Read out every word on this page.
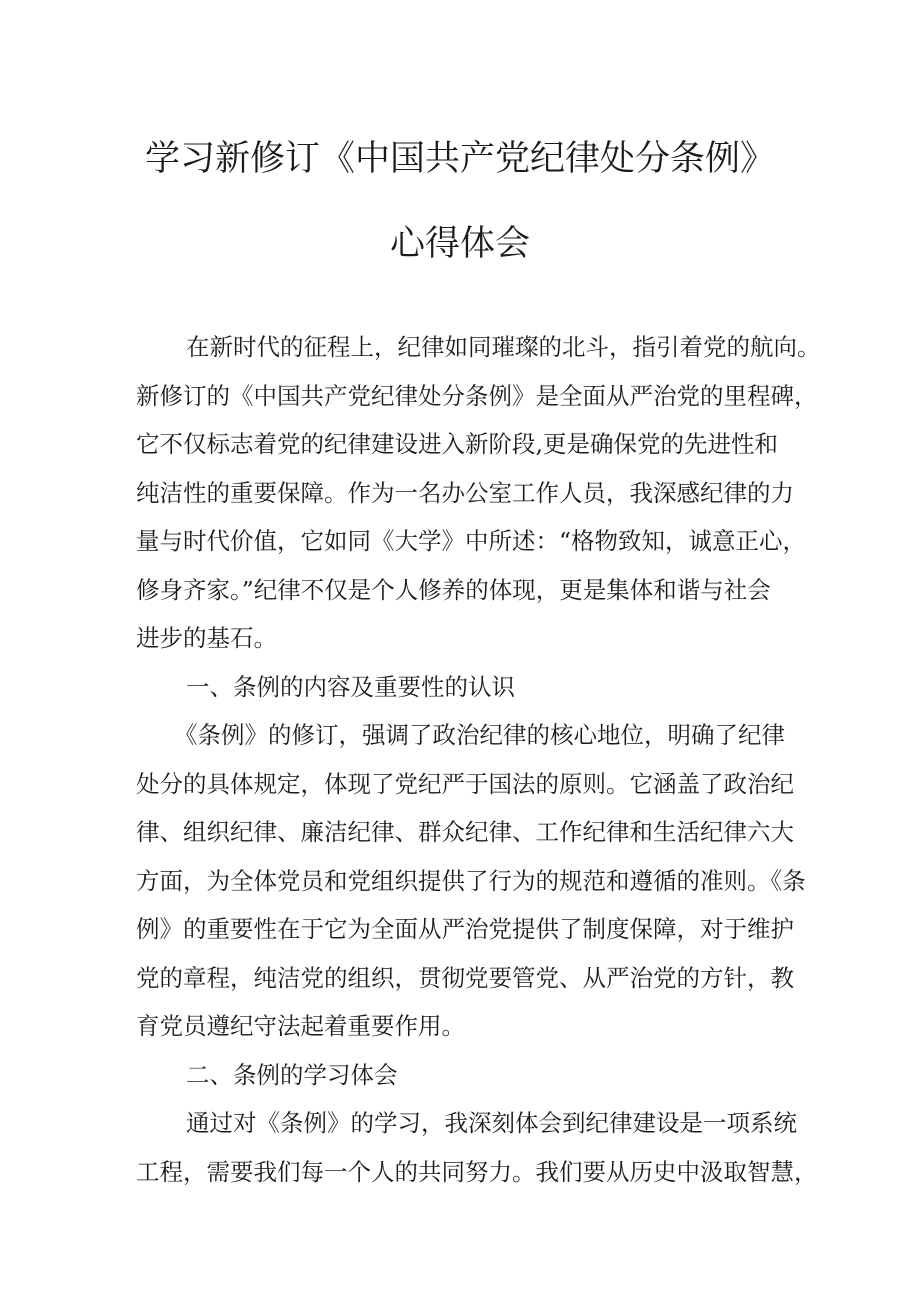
学习新修订《中国共产党纪律处分条例》
心得体会
在新时代的征程上，纪律如同璀璨的北斗，指引着党的航向。
新修订的《中国共产党纪律处分条例》是全面从严治党的里程碑，
它不仅标志着党的纪律建设进入新阶段,更是确保党的先进性和
纯洁性的重要保障。作为一名办公室工作人员，我深感纪律的力
量与时代价值，它如同《大学》中所述：“格物致知，诚意正心，
修身齐家。”纪律不仅是个人修养的体现，更是集体和谐与社会
进步的基石。
一、条例的内容及重要性的认识
《条例》的修订，强调了政治纪律的核心地位，明确了纪律
处分的具体规定，体现了党纪严于国法的原则。它涵盖了政治纪
律、组织纪律、廉洁纪律、群众纪律、工作纪律和生活纪律六大
方面，为全体党员和党组织提供了行为的规范和遵循的准则。《条
例》的重要性在于它为全面从严治党提供了制度保障，对于维护
党的章程，纯洁党的组织，贯彻党要管党、从严治党的方针，教
育党员遵纪守法起着重要作用。
二、条例的学习体会
通过对《条例》的学习，我深刻体会到纪律建设是一项系统
工程，需要我们每一个人的共同努力。我们要从历史中汲取智慧，
